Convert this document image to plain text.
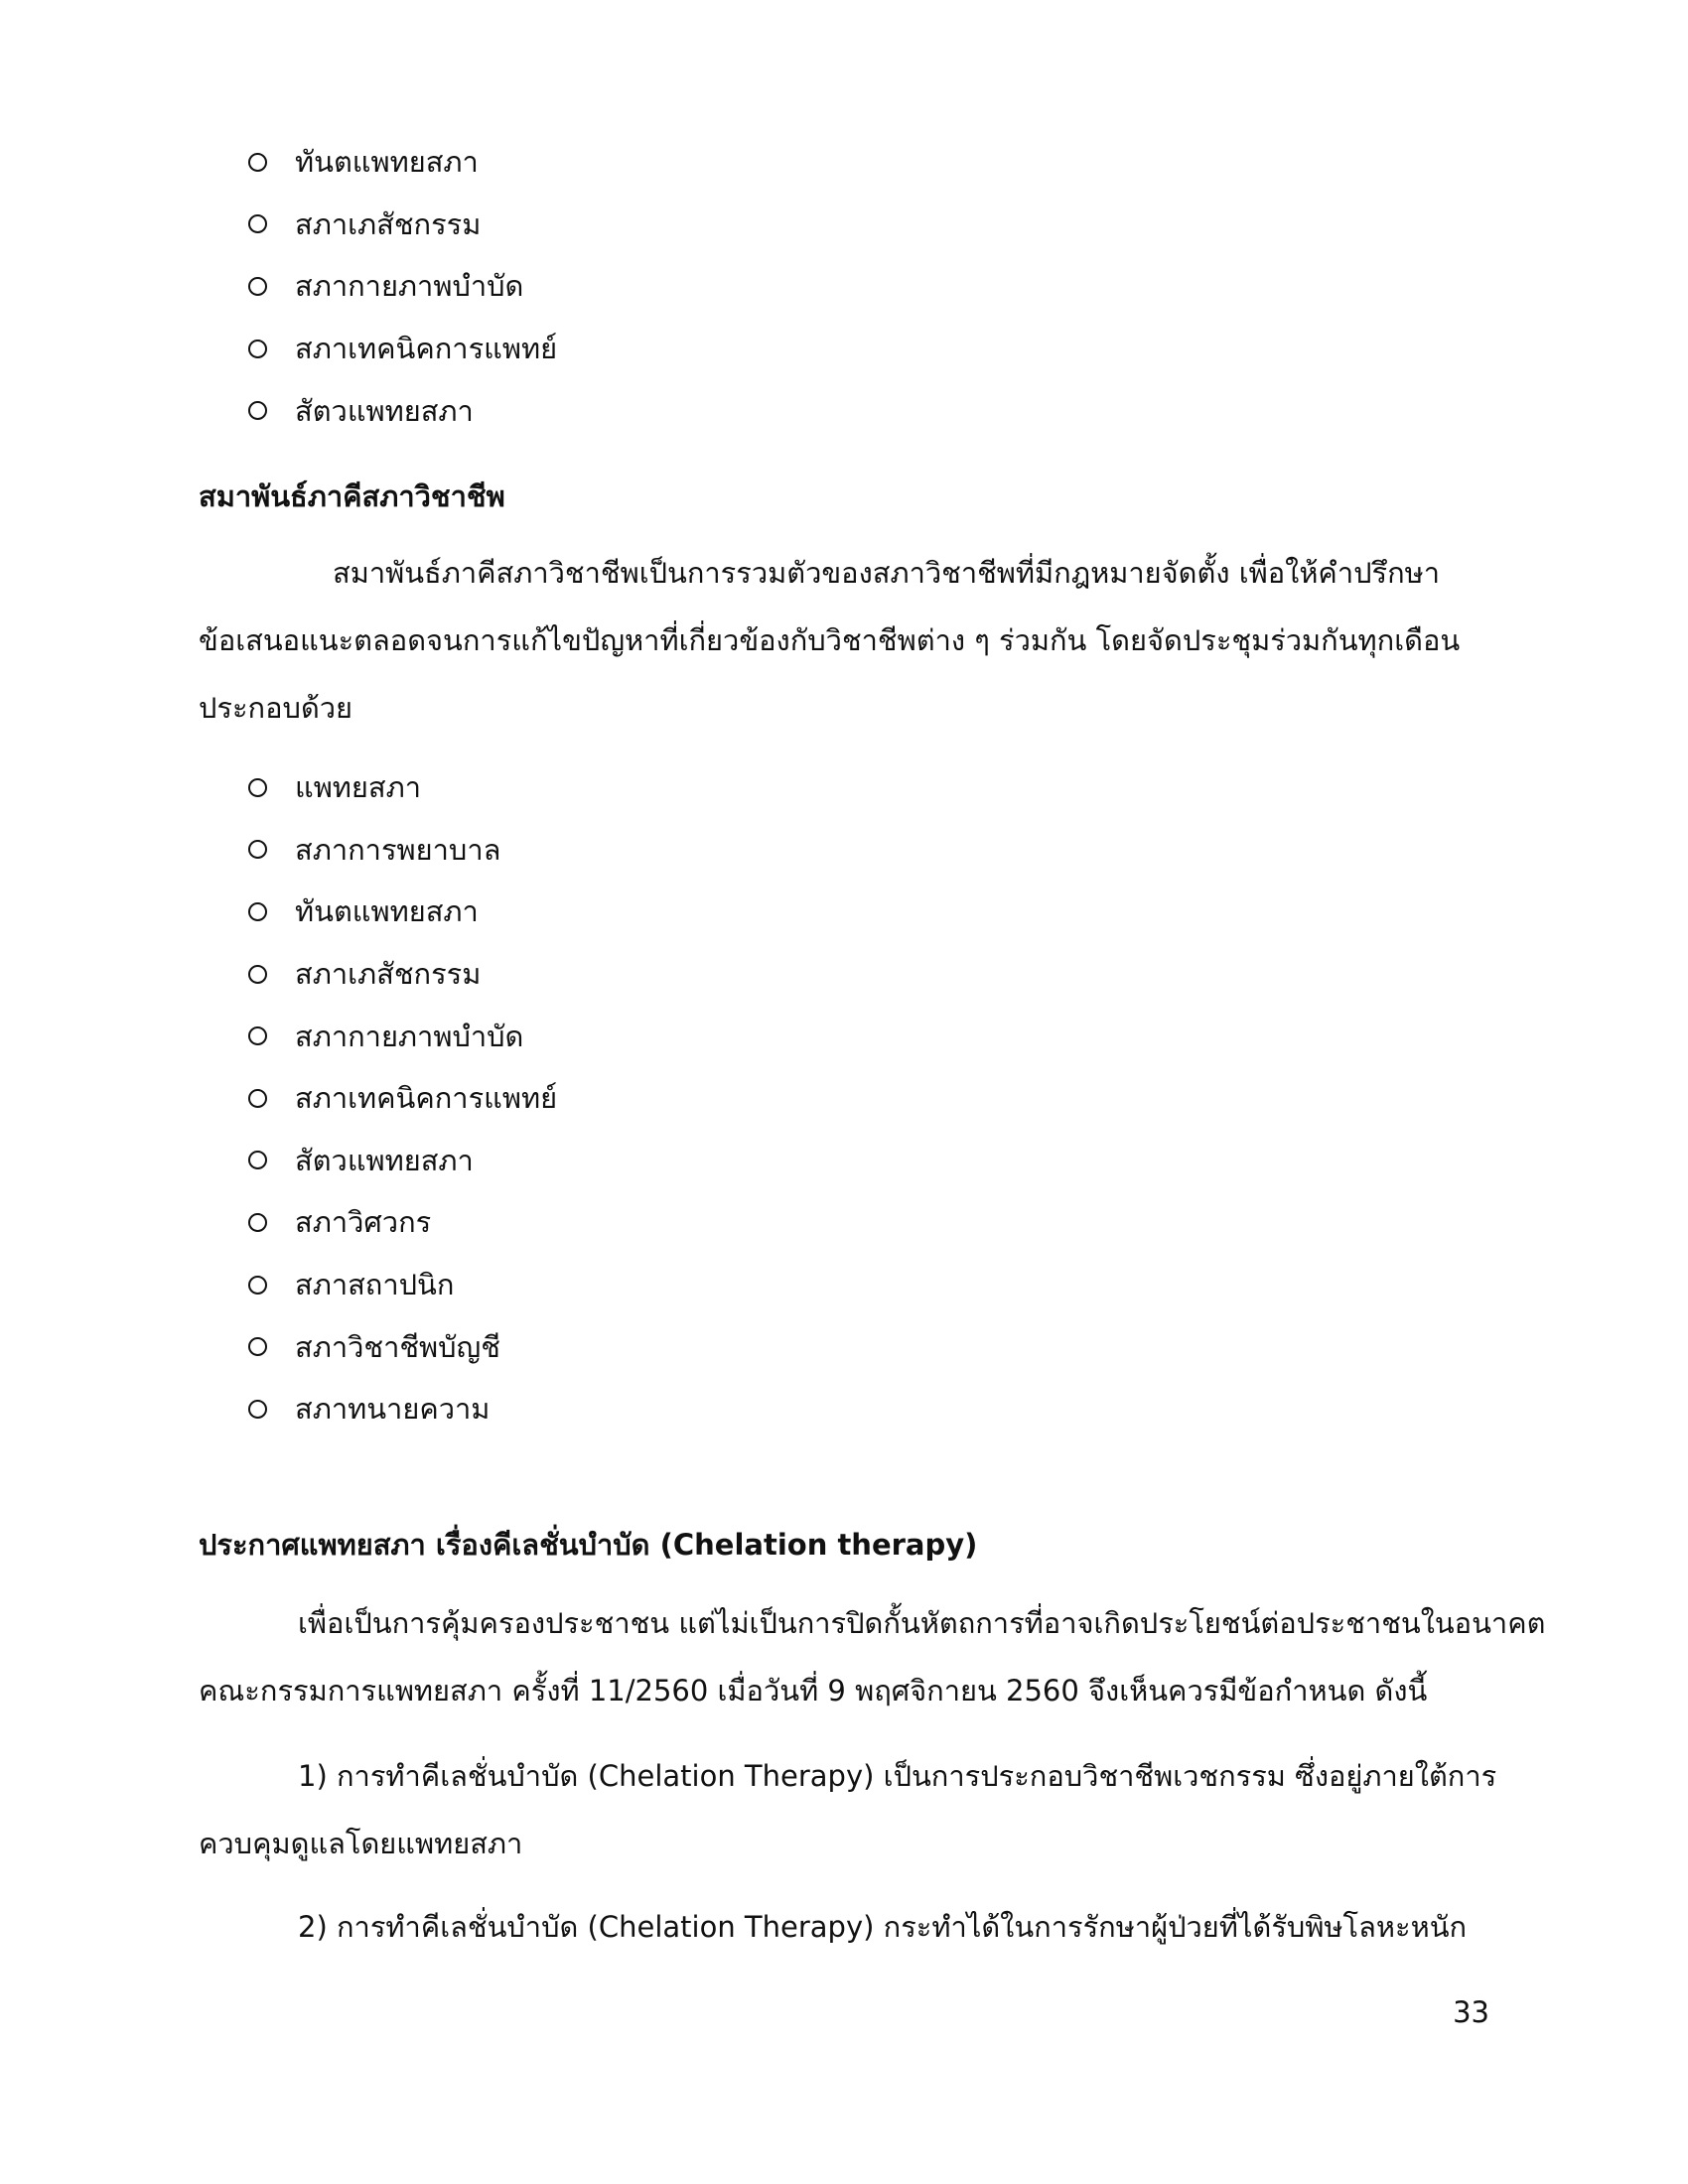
ทันตแพทยสภา
สภาเภสัชกรรม
สภากายภาพบำบัด
สภาเทคนิคการแพทย์
สัตวแพทยสภา
สมาพันธ์ภาคีสภาวิชาชีพ

สมาพันธ์ภาคีสภาวิชาชีพเป็นการรวมตัวของสภาวิชาชีพที่มีกฎหมายจัดตั้ง เพื่อให้คำปรึกษา
ข้อเสนอแนะตลอดจนการแก้ไขปัญหาที่เกี่ยวข้องกับวิชาชีพต่าง ๆ ร่วมกัน โดยจัดประชุมร่วมกันทุกเดือน
ประกอบด้วย

แพทยสภา
สภาการพยาบาล
ทันตแพทยสภา
สภาเภสัชกรรม
สภากายภาพบำบัด
สภาเทคนิคการแพทย์
สัตวแพทยสภา
สภาวิศวกร
สภาสถาปนิก
สภาวิชาชีพบัญชี
สภาทนายความ
ประกาศแพทยสภา เรื่องคีเลชั่นบำบัด (Chelation therapy)

เพื่อเป็นการคุ้มครองประชาชน แต่ไม่เป็นการปิดกั้นหัตถการที่อาจเกิดประโยชน์ต่อประชาชนในอนาคต
คณะกรรมการแพทยสภา ครั้งที่ 11/2560 เมื่อวันที่ 9 พฤศจิกายน 2560 จึงเห็นควรมีข้อกำหนด ดังนี้

1) การทำคีเลชั่นบำบัด (Chelation Therapy) เป็นการประกอบวิชาชีพเวชกรรม ซึ่งอยู่ภายใต้การ
ควบคุมดูแลโดยแพทยสภา

2) การทำคีเลชั่นบำบัด (Chelation Therapy) กระทำได้ในการรักษาผู้ป่วยที่ได้รับพิษโลหะหนัก

33
